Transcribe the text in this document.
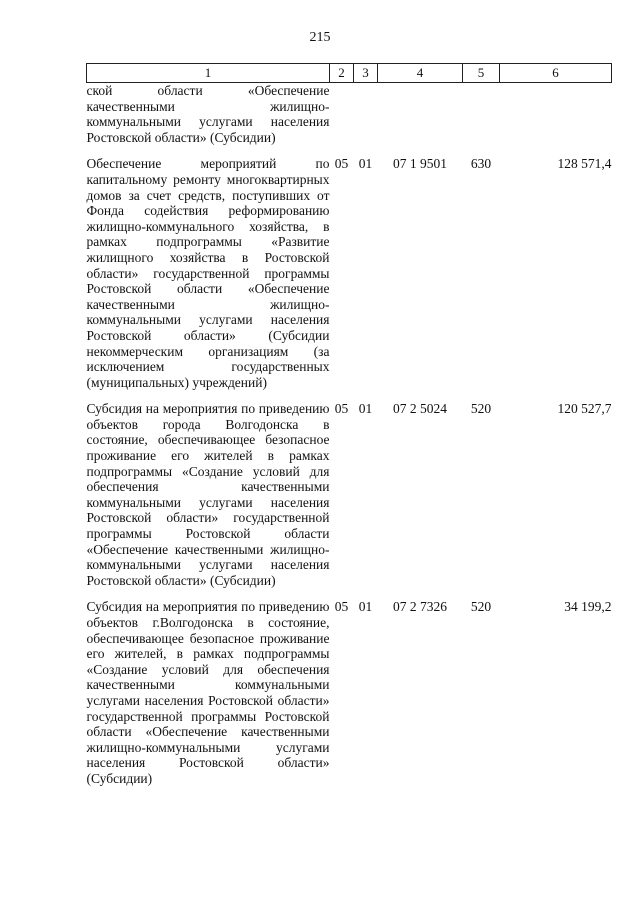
215
1	2	3	4	5	6
ской области «Обеспечение качественными жилищно-коммунальными услугами населения Ростовской области» (Субсидии)					

Обеспечение мероприятий по капитальному ремонту многоквартирных домов за счет средств, поступивших от Фонда содействия реформированию жилищно-коммунального хозяйства, в рамках подпрограммы «Развитие жилищного хозяйства в Ростовской области» государственной программы Ростовской области «Обеспечение качественными жилищно-коммунальными услугами населения Ростовской области» (Субсидии некоммерческим организациям (за исключением государственных (муниципальных) учреждений)	05	01	07 1 9501	630	128 571,4

Субсидия на мероприятия по приведению объектов города Волгодонска в состояние, обеспечивающее безопасное проживание его жителей в рамках подпрограммы «Создание условий для обеспечения качественными коммунальными услугами населения Ростовской области» государственной программы Ростовской области «Обеспечение качественными жилищно-коммунальными услугами населения Ростовской области» (Субсидии)	05	01	07 2 5024	520	120 527,7

Субсидия на мероприятия по приведению объектов г.Волгодонска в состояние, обеспечивающее безопасное проживание его жителей, в рамках подпрограммы «Создание условий для обеспечения качественными коммунальными услугами населения Ростовской области» государственной программы Ростовской области «Обеспечение качественными жилищно-коммунальными услугами населения Ростовской области» (Субсидии)	05	01	07 2 7326	520	34 199,2
